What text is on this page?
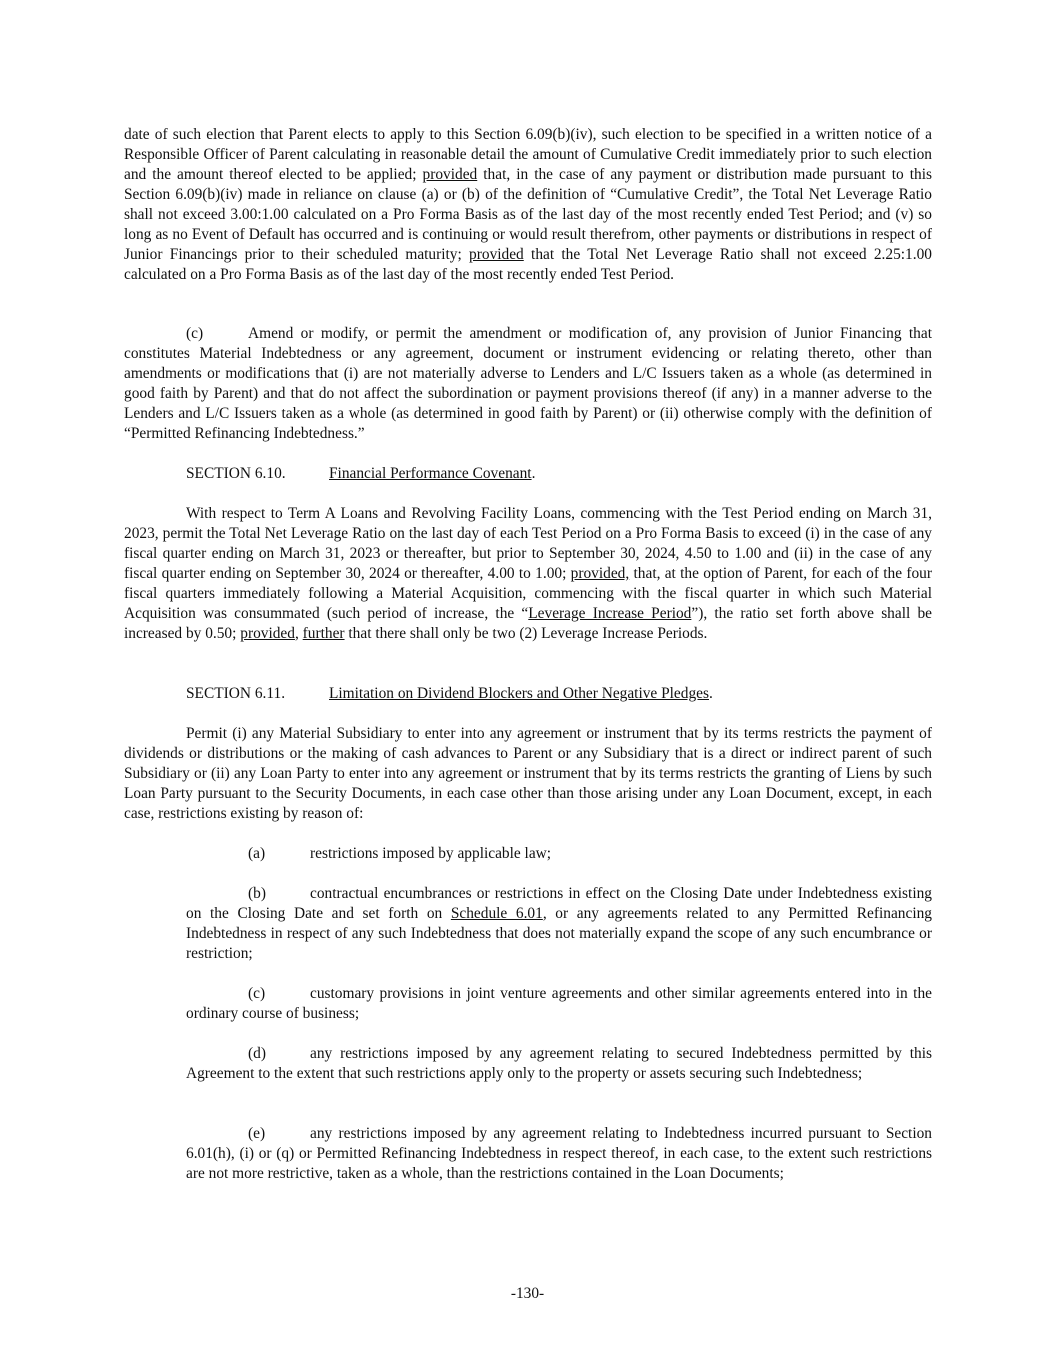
date of such election that Parent elects to apply to this Section 6.09(b)(iv), such election to be specified in a written notice of a Responsible Officer of Parent calculating in reasonable detail the amount of Cumulative Credit immediately prior to such election and the amount thereof elected to be applied; provided that, in the case of any payment or distribution made pursuant to this Section 6.09(b)(iv) made in reliance on clause (a) or (b) of the definition of “Cumulative Credit”, the Total Net Leverage Ratio shall not exceed 3.00:1.00 calculated on a Pro Forma Basis as of the last day of the most recently ended Test Period; and (v) so long as no Event of Default has occurred and is continuing or would result therefrom, other payments or distributions in respect of Junior Financings prior to their scheduled maturity; provided that the Total Net Leverage Ratio shall not exceed 2.25:1.00 calculated on a Pro Forma Basis as of the last day of the most recently ended Test Period.

(c)	Amend or modify, or permit the amendment or modification of, any provision of Junior Financing that constitutes Material Indebtedness or any agreement, document or instrument evidencing or relating thereto, other than amendments or modifications that (i) are not materially adverse to Lenders and L/C Issuers taken as a whole (as determined in good faith by Parent) and that do not affect the subordination or payment provisions thereof (if any) in a manner adverse to the Lenders and L/C Issuers taken as a whole (as determined in good faith by Parent) or (ii) otherwise comply with the definition of “Permitted Refinancing Indebtedness.”

SECTION 6.10.	Financial Performance Covenant.

With respect to Term A Loans and Revolving Facility Loans, commencing with the Test Period ending on March 31, 2023, permit the Total Net Leverage Ratio on the last day of each Test Period on a Pro Forma Basis to exceed (i) in the case of any fiscal quarter ending on March 31, 2023 or thereafter, but prior to September 30, 2024, 4.50 to 1.00 and (ii) in the case of any fiscal quarter ending on September 30, 2024 or thereafter, 4.00 to 1.00; provided, that, at the option of Parent, for each of the four fiscal quarters immediately following a Material Acquisition, commencing with the fiscal quarter in which such Material Acquisition was consummated (such period of increase, the “Leverage Increase Period”), the ratio set forth above shall be increased by 0.50; provided, further that there shall only be two (2) Leverage Increase Periods.

SECTION 6.11.	Limitation on Dividend Blockers and Other Negative Pledges.

Permit (i) any Material Subsidiary to enter into any agreement or instrument that by its terms restricts the payment of dividends or distributions or the making of cash advances to Parent or any Subsidiary that is a direct or indirect parent of such Subsidiary or (ii) any Loan Party to enter into any agreement or instrument that by its terms restricts the granting of Liens by such Loan Party pursuant to the Security Documents, in each case other than those arising under any Loan Document, except, in each case, restrictions existing by reason of:

(a)	restrictions imposed by applicable law;

(b)	contractual encumbrances or restrictions in effect on the Closing Date under Indebtedness existing on the Closing Date and set forth on Schedule 6.01, or any agreements related to any Permitted Refinancing Indebtedness in respect of any such Indebtedness that does not materially expand the scope of any such encumbrance or restriction;

(c)	customary provisions in joint venture agreements and other similar agreements entered into in the ordinary course of business;

(d)	any restrictions imposed by any agreement relating to secured Indebtedness permitted by this Agreement to the extent that such restrictions apply only to the property or assets securing such Indebtedness;

(e)	any restrictions imposed by any agreement relating to Indebtedness incurred pursuant to Section 6.01(h), (i) or (q) or Permitted Refinancing Indebtedness in respect thereof, in each case, to the extent such restrictions are not more restrictive, taken as a whole, than the restrictions contained in the Loan Documents;

-130-
